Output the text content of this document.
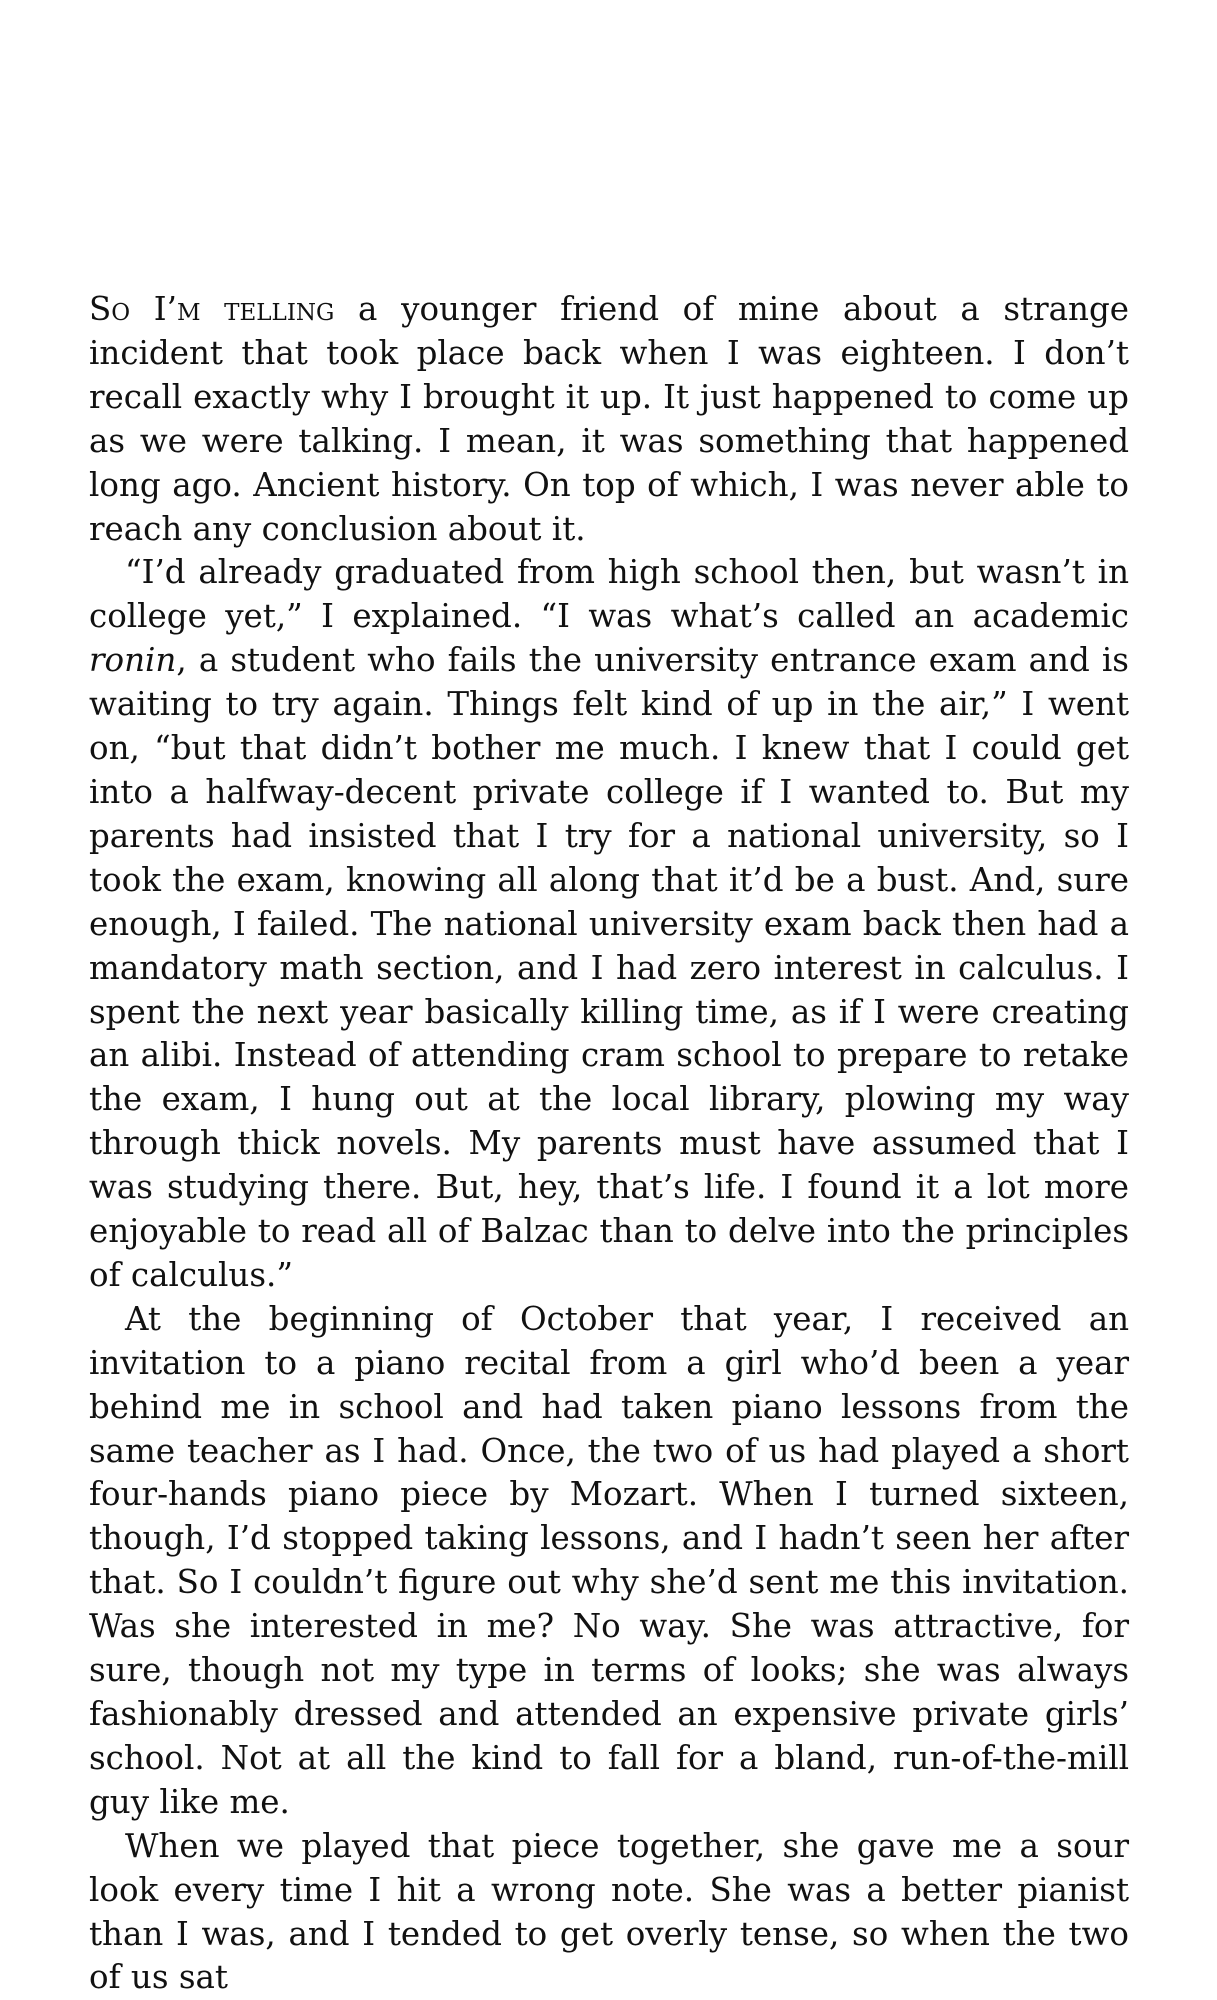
So I’m telling a younger friend of mine about a strange incident that took place back when I was eighteen. I don’t recall exactly why I brought it up. It just happened to come up as we were talking. I mean, it was something that happened long ago. Ancient history. On top of which, I was never able to reach any conclusion about it.

“I’d already graduated from high school then, but wasn’t in college yet,” I explained. “I was what’s called an academic ronin, a student who fails the university entrance exam and is waiting to try again. Things felt kind of up in the air,” I went on, “but that didn’t bother me much. I knew that I could get into a halfway-decent private college if I wanted to. But my parents had insisted that I try for a national university, so I took the exam, knowing all along that it’d be a bust. And, sure enough, I failed. The national university exam back then had a mandatory math section, and I had zero interest in calculus. I spent the next year basically killing time, as if I were creating an alibi. Instead of attending cram school to prepare to retake the exam, I hung out at the local library, plowing my way through thick novels. My parents must have assumed that I was studying there. But, hey, that’s life. I found it a lot more enjoyable to read all of Balzac than to delve into the principles of calculus.”

At the beginning of October that year, I received an invitation to a piano recital from a girl who’d been a year behind me in school and had taken piano lessons from the same teacher as I had. Once, the two of us had played a short four-hands piano piece by Mozart. When I turned sixteen, though, I’d stopped taking lessons, and I hadn’t seen her after that. So I couldn’t figure out why she’d sent me this invitation. Was she interested in me? No way. She was attractive, for sure, though not my type in terms of looks; she was always fashionably dressed and attended an expensive private girls’ school. Not at all the kind to fall for a bland, run-of-the-mill guy like me.

When we played that piece together, she gave me a sour look every time I hit a wrong note. She was a better pianist than I was, and I tended to get overly tense, so when the two of us sat
